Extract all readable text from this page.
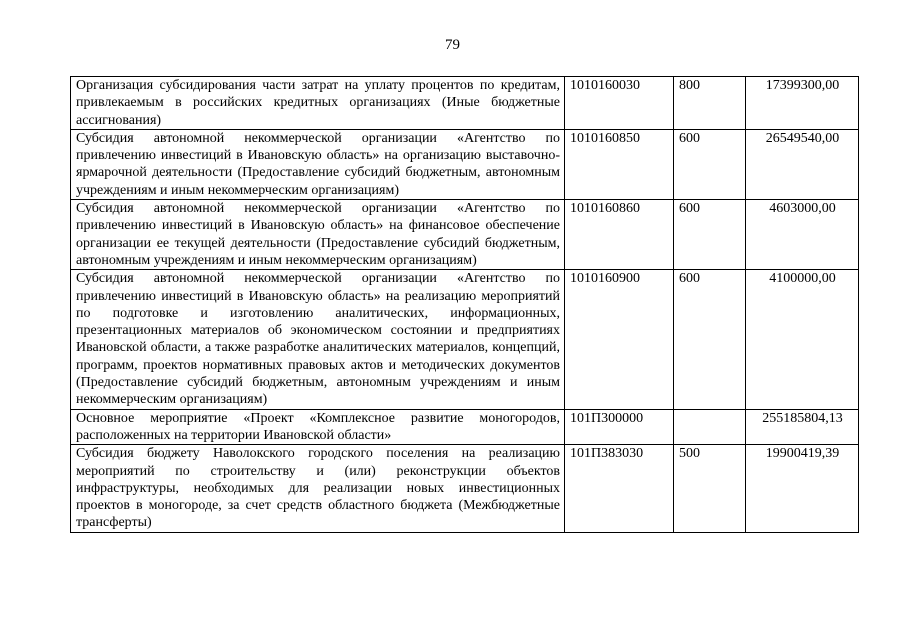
79
Организация субсидирования части затрат на уплату процентов по кредитам, привлекаемым в российских кредитных организациях (Иные бюджетные ассигнования)	1010160030	800	17399300,00
Субсидия автономной некоммерческой организации «Агентство по привлечению инвестиций в Ивановскую область» на организацию выставочно-ярмарочной деятельности (Предоставление субсидий бюджетным, автономным учреждениям и иным некоммерческим организациям)	1010160850	600	26549540,00
Субсидия автономной некоммерческой организации «Агентство по привлечению инвестиций в Ивановскую область» на финансовое обеспечение организации ее текущей деятельности (Предоставление субсидий бюджетным, автономным учреждениям и иным некоммерческим организациям)	1010160860	600	4603000,00
Субсидия автономной некоммерческой организации «Агентство по привлечению инвестиций в Ивановскую область» на реализацию мероприятий по подготовке и изготовлению аналитических, информационных, презентационных материалов об экономическом состоянии и предприятиях Ивановской области, а также разработке аналитических материалов, концепций, программ, проектов нормативных правовых актов и методических документов (Предоставление субсидий бюджетным, автономным учреждениям и иным некоммерческим организациям)	1010160900	600	4100000,00
Основное мероприятие «Проект «Комплексное развитие моногородов, расположенных на территории Ивановской области»	101П300000		255185804,13
Субсидия бюджету Наволокского городского поселения на реализацию мероприятий по строительству и (или) реконструкции объектов инфраструктуры, необходимых для реализации новых инвестиционных проектов в моногороде, за счет средств областного бюджета (Межбюджетные трансферты)	101П383030	500	19900419,39
